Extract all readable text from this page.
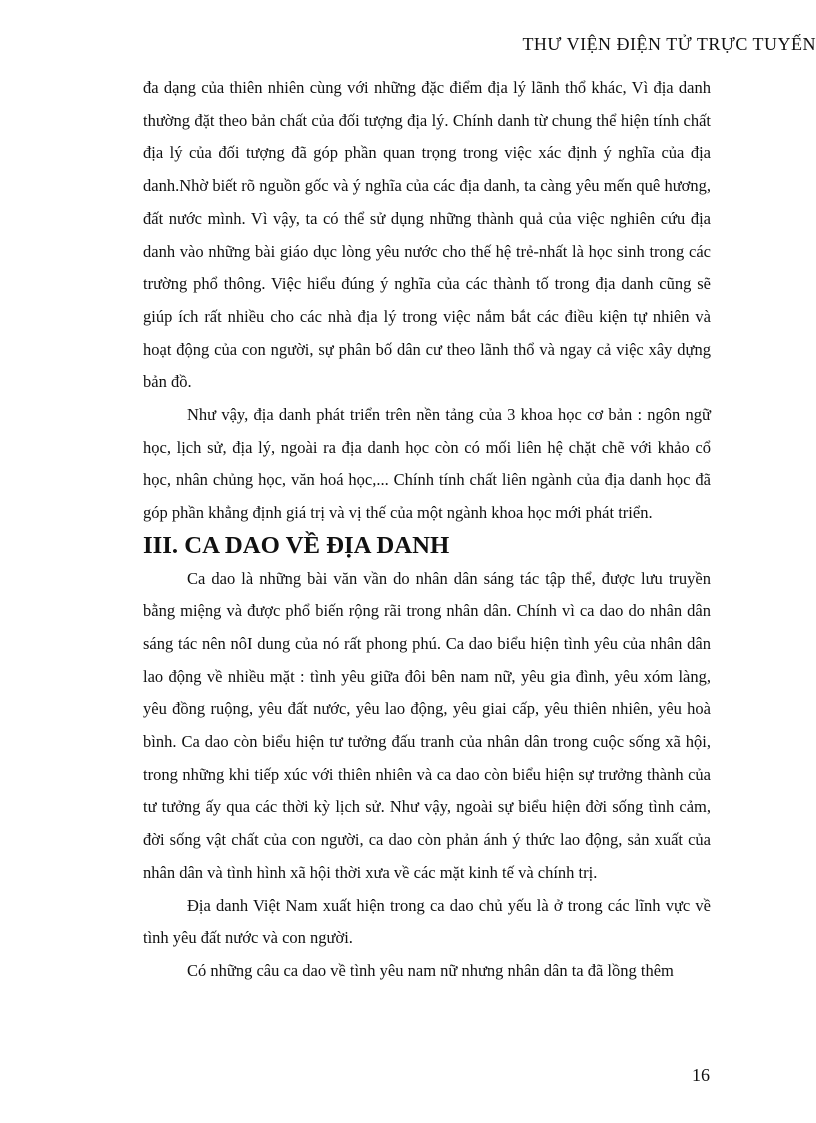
THƯ VIỆN ĐIỆN TỬ TRỰC TUYẾN

đa dạng của thiên nhiên cùng với những đặc điểm địa lý lãnh thổ khác, Vì địa danh thường đặt theo bản chất của đối tượng địa lý. Chính danh từ chung thể hiện tính chất địa lý của đối tượng đã góp phần quan trọng trong việc xác định ý nghĩa của địa danh.Nhờ biết rõ nguồn gốc và ý nghĩa của các địa danh, ta càng yêu mến quê hương, đất nước mình. Vì vậy, ta có thể sử dụng những thành quả của việc nghiên cứu địa danh vào những bài giáo dục lòng yêu nước cho thế hệ trẻ-nhất là học sinh trong các trường phổ thông. Việc hiểu đúng ý nghĩa của các thành tố trong địa danh cũng sẽ giúp ích rất nhiều cho các nhà địa lý trong việc nắm bắt các điều kiện tự nhiên và hoạt động của con người, sự phân bố dân cư theo lãnh thổ và ngay cả việc xây dựng bản đồ.

Như vậy, địa danh phát triển trên nền tảng của 3 khoa học cơ bản : ngôn ngữ học, lịch sử, địa lý, ngoài ra địa danh học còn có mối liên hệ chặt chẽ với khảo cổ học, nhân chủng học, văn hoá học,... Chính tính chất liên ngành của địa danh học đã góp phần khẳng định giá trị và vị thế của một ngành khoa học mới phát triển.

III. CA DAO VỀ ĐỊA DANH

Ca dao là những bài văn vần do nhân dân sáng tác tập thể, được lưu truyền bằng miệng và được phổ biến rộng rãi trong nhân dân. Chính vì ca dao do nhân dân sáng tác nên nôI dung của nó rất phong phú. Ca dao biểu hiện tình yêu của nhân dân lao động về nhiều mặt : tình yêu giữa đôi bên nam nữ, yêu gia đình, yêu xóm làng, yêu đồng ruộng, yêu đất nước, yêu lao động, yêu giai cấp, yêu thiên nhiên, yêu hoà bình. Ca dao còn biểu hiện tư tưởng đấu tranh của nhân dân trong cuộc sống xã hội, trong những khi tiếp xúc với thiên nhiên và ca dao còn biểu hiện sự trưởng thành của tư tưởng ấy qua các thời kỳ lịch sử. Như vậy, ngoài sự biểu hiện đời sống tình cảm, đời sống vật chất của con người, ca dao còn phản ánh ý thức lao động, sản xuất của nhân dân và tình hình xã hội thời xưa về các mặt kinh tế và chính trị.

Địa danh Việt Nam xuất hiện trong ca dao chủ yếu là ở trong các lĩnh vực về tình yêu đất nước và con người.

Có những câu ca dao về tình yêu nam nữ nhưng nhân dân ta đã lồng thêm

16
